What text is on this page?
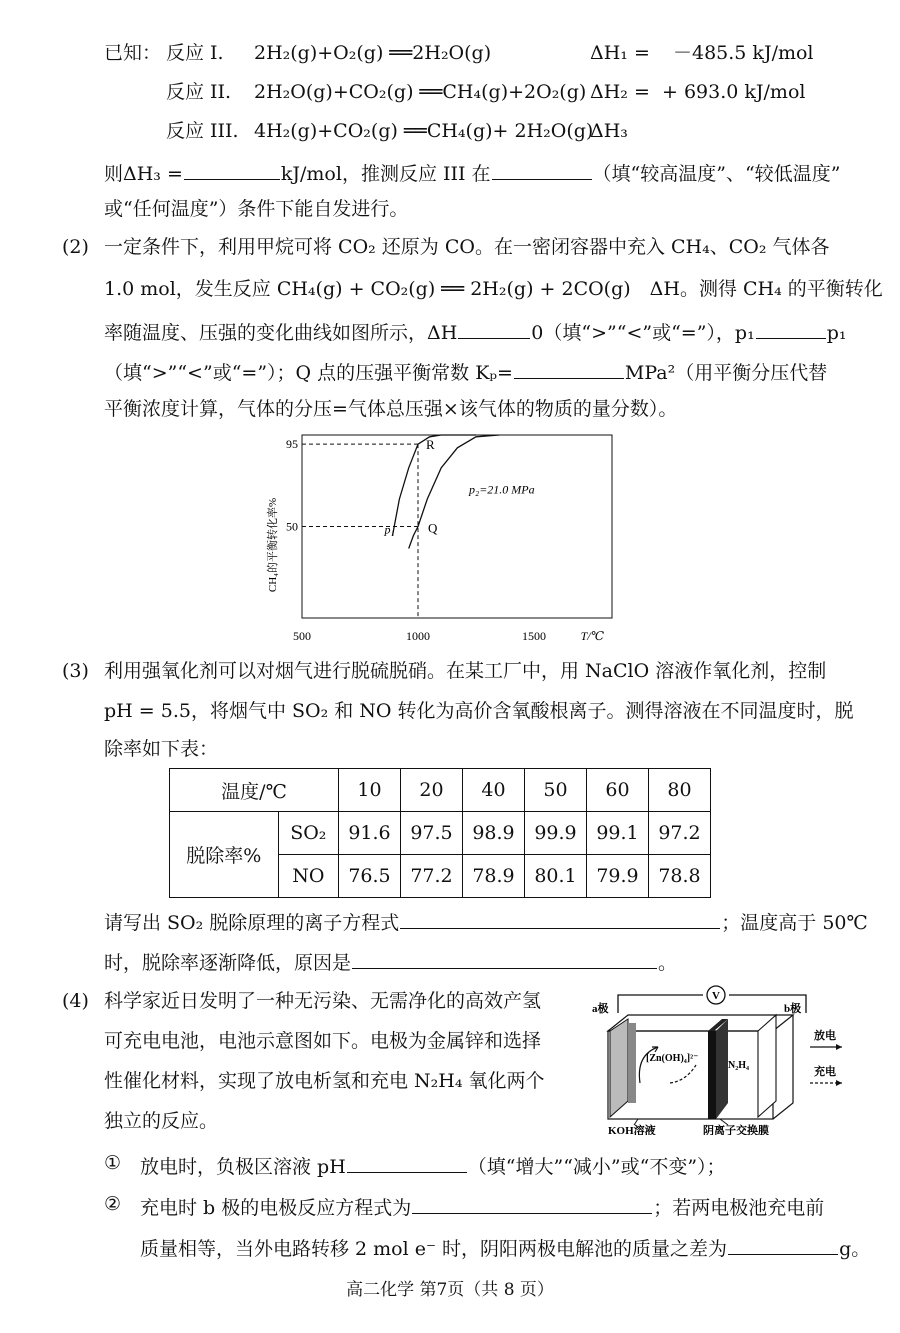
已知： 反应 I. 2H₂(g)+O₂(g) ══2H₂O(g)	ΔH₁ = －485.5 kJ/mol
反应 II. 2H₂O(g)+CO₂(g) ══CH₄(g)+2O₂(g) ΔH₂ = + 693.0 kJ/mol
反应 III. 4H₂(g)+CO₂(g) ══CH₄(g)+ 2H₂O(g)
ΔH₃
则ΔH₃ =	kJ/mol，推测反应 III 在	（填“较高温度”、“较低温度”
或“任何温度”）条件下能自发进行。
(2) 一定条件下，利用甲烷可将 CO₂ 还原为 CO。在一密闭容器中充入 CH₄、CO₂ 气体各
1.0 mol，发生反应 CH₄(g) + CO₂(g) ══ 2H₂(g) + 2CO(g)　ΔH。测得 CH₄ 的平衡转化
率随温度、压强的变化曲线如图所示，ΔH	0（填“>”“<”或“=”），p₁	p₁
（填“>”“<”或“=”）；Q 点的压强平衡常数 Kₚ=	MPa²（用平衡分压代替
平衡浓度计算，气体的分压=气体总压强×该气体的物质的量分数）。
CH₄的平衡转化率%
500	1000	1500	T/℃
50
95
p₁
p₂=21.0 MPa
R
Q
(3) 利用强氧化剂可以对烟气进行脱硫脱硝。在某工厂中，用 NaClO 溶液作氧化剂，控制
pH = 5.5，将烟气中 SO₂ 和 NO 转化为高价含氧酸根离子。测得溶液在不同温度时，脱
除率如下表：
温度/℃		10	20	40	50	60	80
脱除率%	SO₂	91.6	97.5	98.9	99.9	99.1	97.2
	NO	76.5	77.2	78.9	80.1	79.9	78.8
请写出 SO₂ 脱除原理的离子方程式	；温度高于 50℃
时，脱除率逐渐降低，原因是	。
(4) 科学家近日发明了一种无污染、无需净化的高效产氢
可充电电池，电池示意图如下。电极为金属锌和选择
性催化材料，实现了放电析氢和充电 N₂H₄ 氧化两个
独立的反应。
V
a极	b极
[Zn(OH)₄]²⁻
N₂H₄
放电
充电
KOH溶液	阴离子交换膜
① 放电时，负极区溶液 pH	（填“增大”“减小”或“不变”）；
② 充电时 b 极的电极反应方程式为	；若两电极池充电前
质量相等，当外电路转移 2 mol e⁻ 时，阴阳两极电解池的质量之差为	g。
高二化学 第7页（共 8 页）
